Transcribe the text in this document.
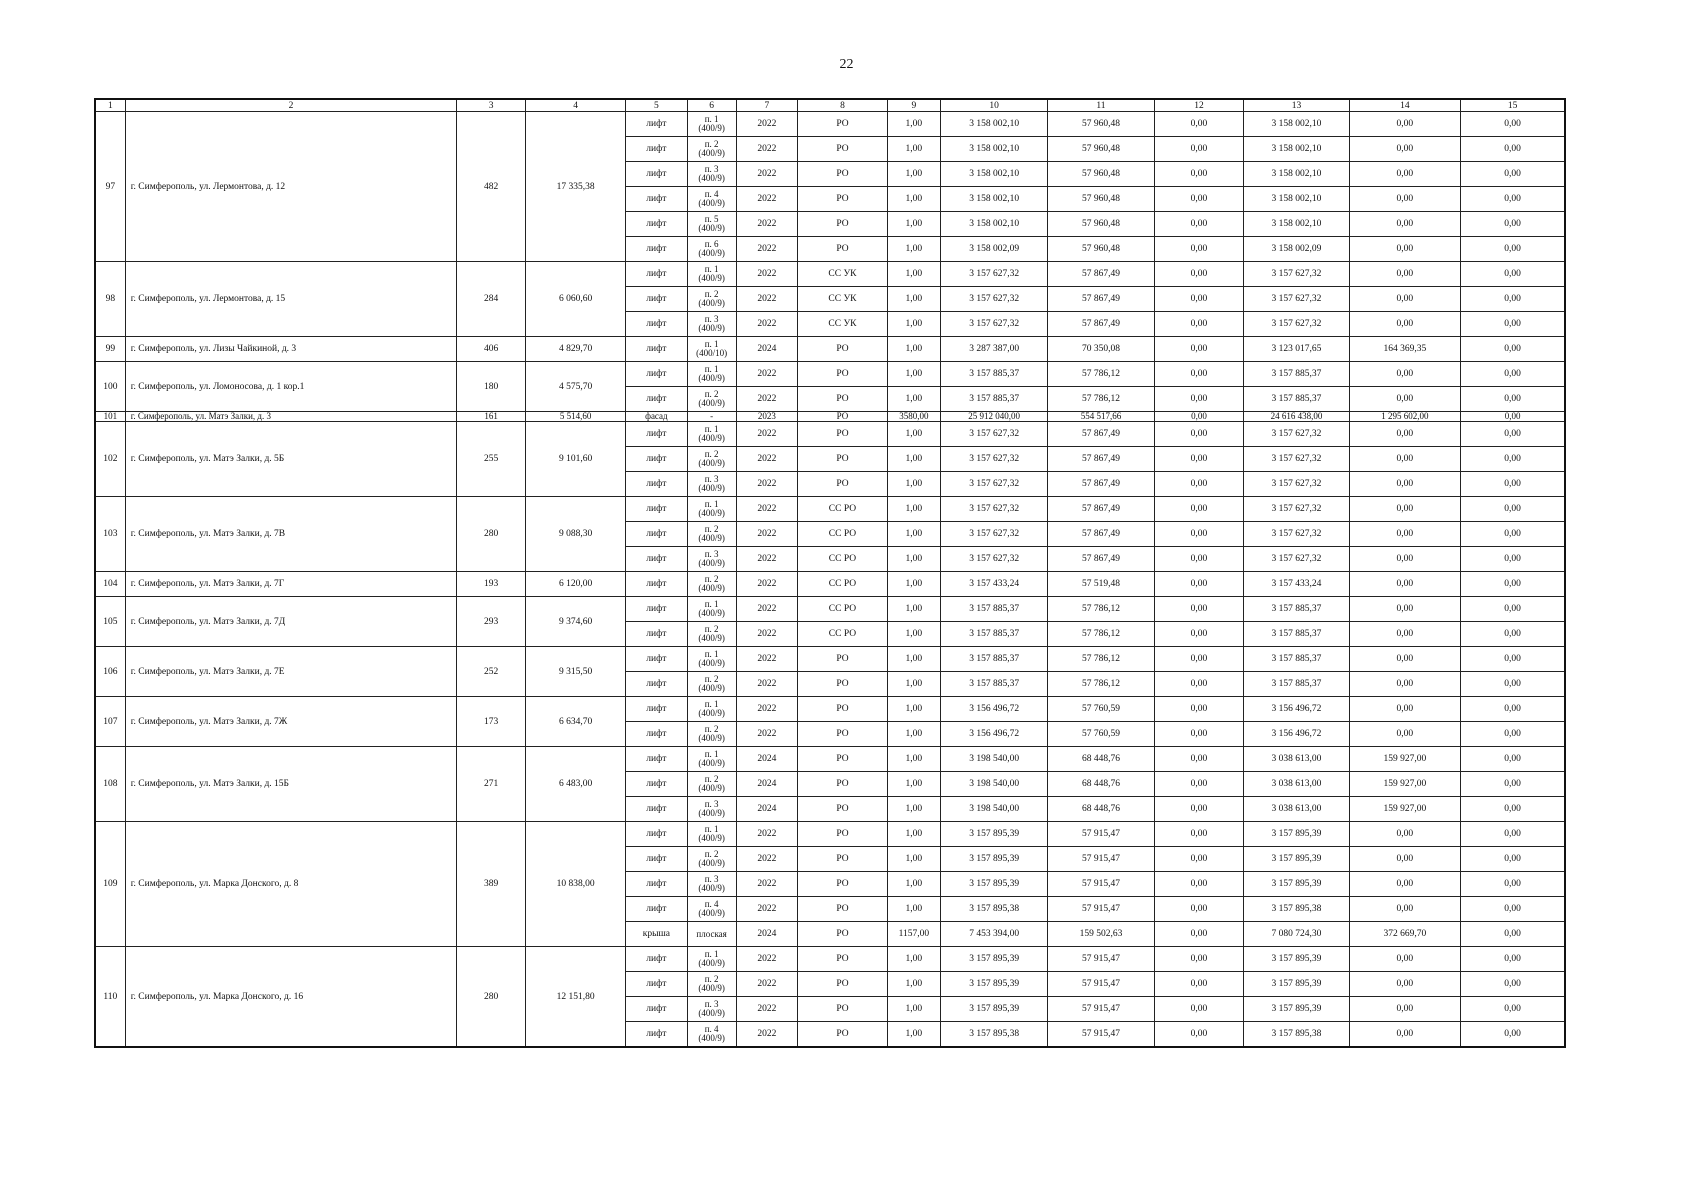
22
1	2	3	4	5	6	7	8	9	10	11	12	13	14	15
97	г. Симферополь, ул. Лермонтова, д. 12	482	17 335,38	лифт	п. 1
(400/9)	2022	РО	1,00	3 158 002,10	57 960,48	0,00	3 158 002,10	0,00	0,00
				лифт	п. 2
(400/9)	2022	РО	1,00	3 158 002,10	57 960,48	0,00	3 158 002,10	0,00	0,00
				лифт	п. 3
(400/9)	2022	РО	1,00	3 158 002,10	57 960,48	0,00	3 158 002,10	0,00	0,00
				лифт	п. 4
(400/9)	2022	РО	1,00	3 158 002,10	57 960,48	0,00	3 158 002,10	0,00	0,00
				лифт	п. 5
(400/9)	2022	РО	1,00	3 158 002,10	57 960,48	0,00	3 158 002,10	0,00	0,00
				лифт	п. 6
(400/9)	2022	РО	1,00	3 158 002,09	57 960,48	0,00	3 158 002,09	0,00	0,00
98	г. Симферополь, ул. Лермонтова, д. 15	284	6 060,60	лифт	п. 1
(400/9)	2022	СС УК	1,00	3 157 627,32	57 867,49	0,00	3 157 627,32	0,00	0,00
				лифт	п. 2
(400/9)	2022	СС УК	1,00	3 157 627,32	57 867,49	0,00	3 157 627,32	0,00	0,00
				лифт	п. 3
(400/9)	2022	СС УК	1,00	3 157 627,32	57 867,49	0,00	3 157 627,32	0,00	0,00
99	г. Симферополь, ул. Лизы Чайкиной, д. 3	406	4 829,70	лифт	п. 1
(400/10)	2024	РО	1,00	3 287 387,00	70 350,08	0,00	3 123 017,65	164 369,35	0,00
100	г. Симферополь, ул. Ломоносова, д. 1 кор.1	180	4 575,70	лифт	п. 1
(400/9)	2022	РО	1,00	3 157 885,37	57 786,12	0,00	3 157 885,37	0,00	0,00
				лифт	п. 2
(400/9)	2022	РО	1,00	3 157 885,37	57 786,12	0,00	3 157 885,37	0,00	0,00
101	г. Симферополь, ул. Матэ Залки, д. 3	161	5 514,60	фасад	-	2023	РО	3580,00	25 912 040,00	554 517,66	0,00	24 616 438,00	1 295 602,00	0,00
102	г. Симферополь, ул. Матэ Залки, д. 5Б	255	9 101,60	лифт	п. 1
(400/9)	2022	РО	1,00	3 157 627,32	57 867,49	0,00	3 157 627,32	0,00	0,00
				лифт	п. 2
(400/9)	2022	РО	1,00	3 157 627,32	57 867,49	0,00	3 157 627,32	0,00	0,00
				лифт	п. 3
(400/9)	2022	РО	1,00	3 157 627,32	57 867,49	0,00	3 157 627,32	0,00	0,00
103	г. Симферополь, ул. Матэ Залки, д. 7В	280	9 088,30	лифт	п. 1
(400/9)	2022	СС РО	1,00	3 157 627,32	57 867,49	0,00	3 157 627,32	0,00	0,00
				лифт	п. 2
(400/9)	2022	СС РО	1,00	3 157 627,32	57 867,49	0,00	3 157 627,32	0,00	0,00
				лифт	п. 3
(400/9)	2022	СС РО	1,00	3 157 627,32	57 867,49	0,00	3 157 627,32	0,00	0,00
104	г. Симферополь, ул. Матэ Залки, д. 7Г	193	6 120,00	лифт	п. 2
(400/9)	2022	СС РО	1,00	3 157 433,24	57 519,48	0,00	3 157 433,24	0,00	0,00
105	г. Симферополь, ул. Матэ Залки, д. 7Д	293	9 374,60	лифт	п. 1
(400/9)	2022	СС РО	1,00	3 157 885,37	57 786,12	0,00	3 157 885,37	0,00	0,00
				лифт	п. 2
(400/9)	2022	СС РО	1,00	3 157 885,37	57 786,12	0,00	3 157 885,37	0,00	0,00
106	г. Симферополь, ул. Матэ Залки, д. 7Е	252	9 315,50	лифт	п. 1
(400/9)	2022	РО	1,00	3 157 885,37	57 786,12	0,00	3 157 885,37	0,00	0,00
				лифт	п. 2
(400/9)	2022	РО	1,00	3 157 885,37	57 786,12	0,00	3 157 885,37	0,00	0,00
107	г. Симферополь, ул. Матэ Залки, д. 7Ж	173	6 634,70	лифт	п. 1
(400/9)	2022	РО	1,00	3 156 496,72	57 760,59	0,00	3 156 496,72	0,00	0,00
				лифт	п. 2
(400/9)	2022	РО	1,00	3 156 496,72	57 760,59	0,00	3 156 496,72	0,00	0,00
108	г. Симферополь, ул. Матэ Залки, д. 15Б	271	6 483,00	лифт	п. 1
(400/9)	2024	РО	1,00	3 198 540,00	68 448,76	0,00	3 038 613,00	159 927,00	0,00
				лифт	п. 2
(400/9)	2024	РО	1,00	3 198 540,00	68 448,76	0,00	3 038 613,00	159 927,00	0,00
				лифт	п. 3
(400/9)	2024	РО	1,00	3 198 540,00	68 448,76	0,00	3 038 613,00	159 927,00	0,00
109	г. Симферополь, ул. Марка Донского, д. 8	389	10 838,00	лифт	п. 1
(400/9)	2022	РО	1,00	3 157 895,39	57 915,47	0,00	3 157 895,39	0,00	0,00
				лифт	п. 2
(400/9)	2022	РО	1,00	3 157 895,39	57 915,47	0,00	3 157 895,39	0,00	0,00
				лифт	п. 3
(400/9)	2022	РО	1,00	3 157 895,39	57 915,47	0,00	3 157 895,39	0,00	0,00
				лифт	п. 4
(400/9)	2022	РО	1,00	3 157 895,38	57 915,47	0,00	3 157 895,38	0,00	0,00
				крыша	плоская	2024	РО	1157,00	7 453 394,00	159 502,63	0,00	7 080 724,30	372 669,70	0,00
110	г. Симферополь, ул. Марка Донского, д. 16	280	12 151,80	лифт	п. 1
(400/9)	2022	РО	1,00	3 157 895,39	57 915,47	0,00	3 157 895,39	0,00	0,00
				лифт	п. 2
(400/9)	2022	РО	1,00	3 157 895,39	57 915,47	0,00	3 157 895,39	0,00	0,00
				лифт	п. 3
(400/9)	2022	РО	1,00	3 157 895,39	57 915,47	0,00	3 157 895,39	0,00	0,00
				лифт	п. 4
(400/9)	2022	РО	1,00	3 157 895,38	57 915,47	0,00	3 157 895,38	0,00	0,00
